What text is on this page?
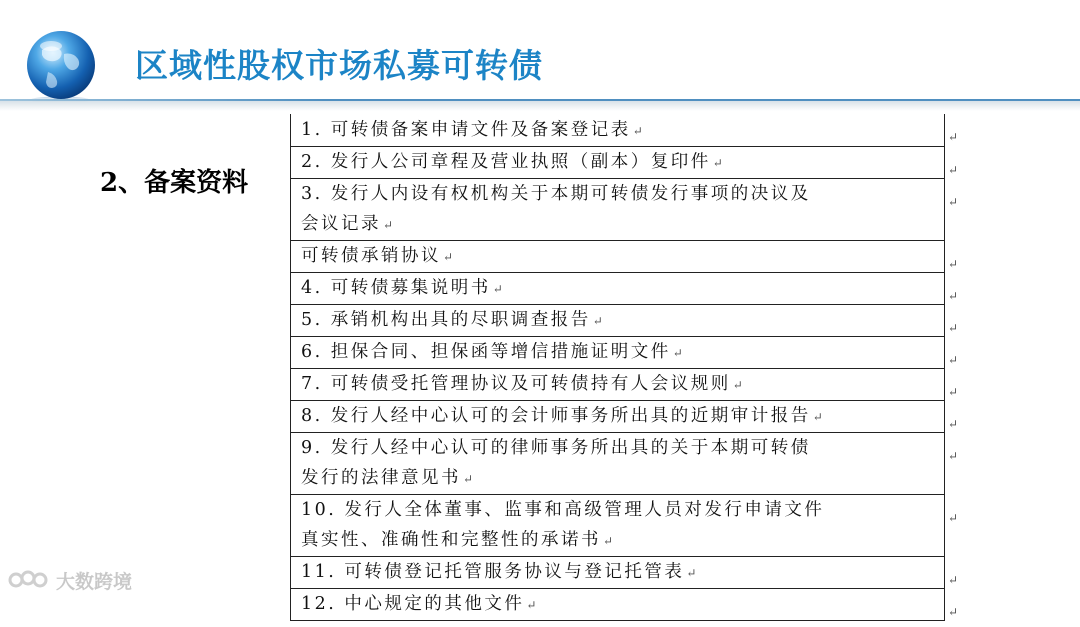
区域性股权市场私募可转债
2、备案资料
1. 可转债备案申请文件及备案登记表 ↵	↵
2. 发行人公司章程及营业执照（副本）复印件 ↵	↵
3. 发行人内设有权机构关于本期可转债发行事项的决议及
会议记录 ↵
↵
可转债承销协议 ↵	↵
4. 可转债募集说明书 ↵	↵
5. 承销机构出具的尽职调查报告 ↵	↵
6. 担保合同、担保函等增信措施证明文件 ↵	↵
7. 可转债受托管理协议及可转债持有人会议规则 ↵	↵
8. 发行人经中心认可的会计师事务所出具的近期审计报告 ↵	↵
9. 发行人经中心认可的律师事务所出具的关于本期可转债
发行的法律意见书 ↵
↵
10. 发行人全体董事、监事和高级管理人员对发行申请文件
真实性、准确性和完整性的承诺书 ↵
↵
11. 可转债登记托管服务协议与登记托管表 ↵	↵
12. 中心规定的其他文件 ↵	↵
大数跨境
